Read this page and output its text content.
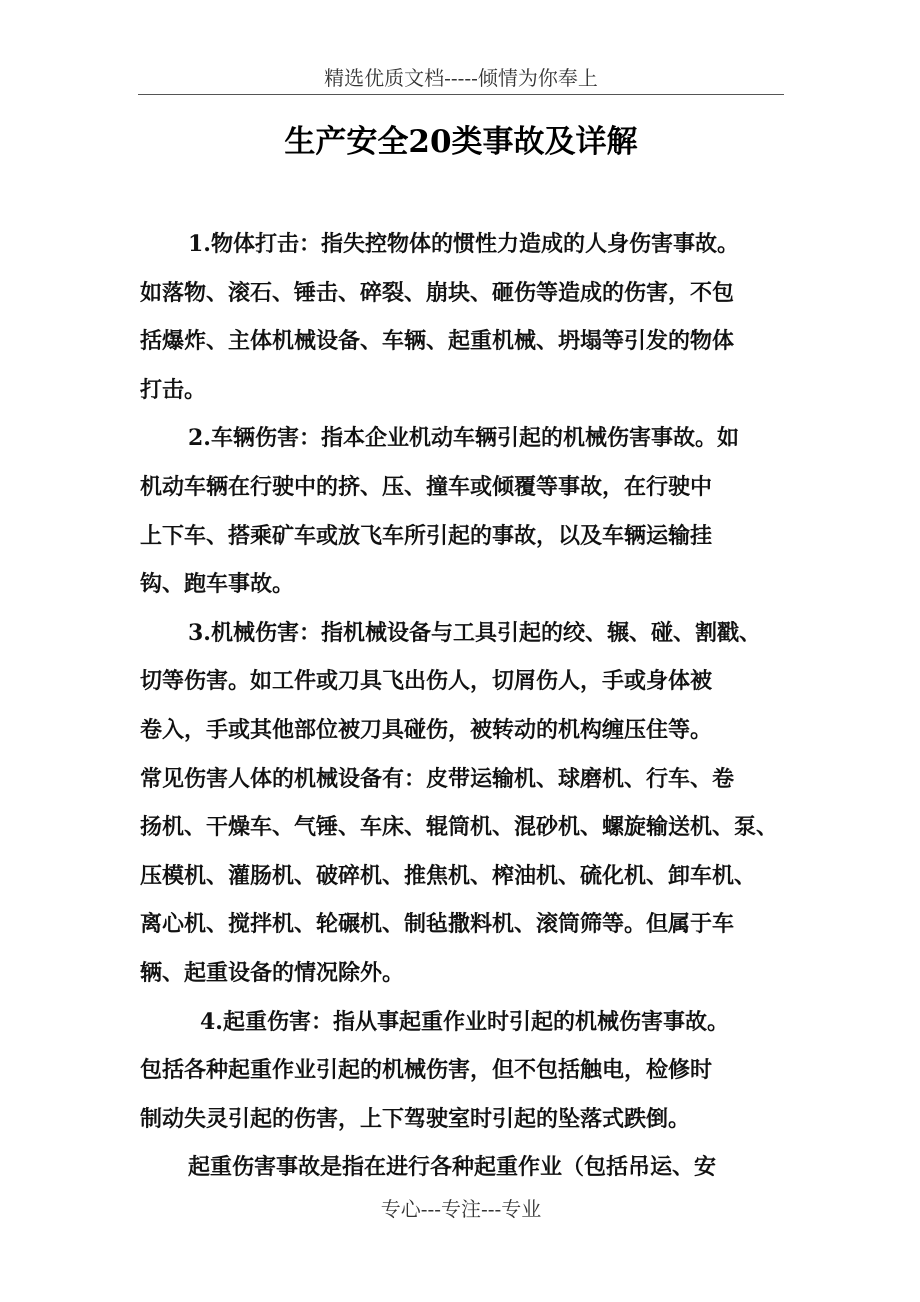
精选优质文档-----倾情为你奉上
生产安全20类事故及详解
1.物体打击：指失控物体的惯性力造成的人身伤害事故。
如落物、滚石、锤击、碎裂、崩块、砸伤等造成的伤害，不包
括爆炸、主体机械设备、车辆、起重机械、坍塌等引发的物体
打击。
2.车辆伤害：指本企业机动车辆引起的机械伤害事故。如
机动车辆在行驶中的挤、压、撞车或倾覆等事故，在行驶中
上下车、搭乘矿车或放飞车所引起的事故，以及车辆运输挂
钩、跑车事故。
3.机械伤害：指机械设备与工具引起的绞、辗、碰、割戳、
切等伤害。如工件或刀具飞出伤人，切屑伤人，手或身体被
卷入，手或其他部位被刀具碰伤，被转动的机构缠压住等。
常见伤害人体的机械设备有：皮带运输机、球磨机、行车、卷
扬机、干燥车、气锤、车床、辊筒机、混砂机、螺旋输送机、泵、
压模机、灌肠机、破碎机、推焦机、榨油机、硫化机、卸车机、
离心机、搅拌机、轮碾机、制毡撒料机、滚筒筛等。但属于车
辆、起重设备的情况除外。
4.起重伤害：指从事起重作业时引起的机械伤害事故。
包括各种起重作业引起的机械伤害，但不包括触电，检修时
制动失灵引起的伤害，上下驾驶室时引起的坠落式跌倒。
起重伤害事故是指在进行各种起重作业（包括吊运、安
专心---专注---专业
